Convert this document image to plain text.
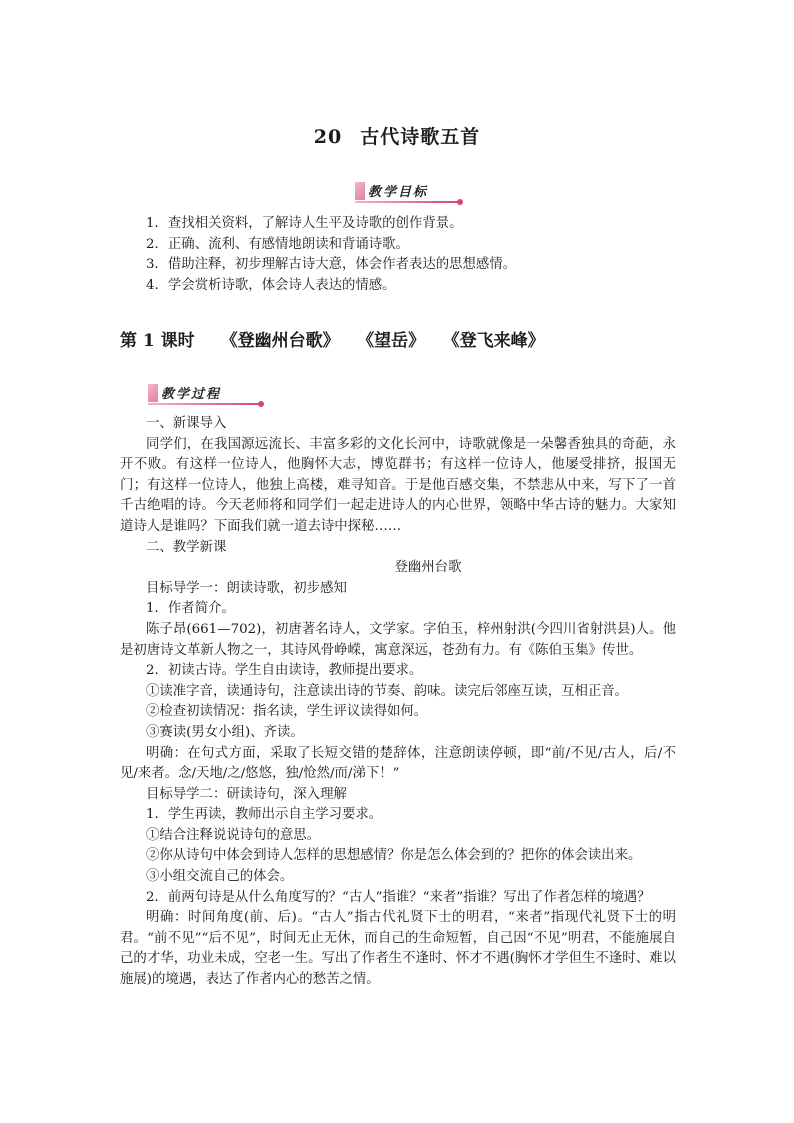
20 古代诗歌五首
教学目标

1．查找相关资料，了解诗人生平及诗歌的创作背景。

2．正确、流利、有感情地朗读和背诵诗歌。

3．借助注释，初步理解古诗大意，体会作者表达的思想感情。

4．学会赏析诗歌，体会诗人表达的情感。

第 1 课时 《登幽州台歌》 《望岳》 《登飞来峰》
教学过程

一、新课导入

同学们，在我国源远流长、丰富多彩的文化长河中，诗歌就像是一朵馨香独具的奇葩，永开不败。有这样一位诗人，他胸怀大志，博览群书；有这样一位诗人，他屡受排挤，报国无门；有这样一位诗人，他独上高楼，难寻知音。于是他百感交集，不禁悲从中来，写下了一首千古绝唱的诗。今天老师将和同学们一起走进诗人的内心世界，领略中华古诗的魅力。大家知道诗人是谁吗？下面我们就一道去诗中探秘……

二、教学新课

登幽州台歌

目标导学一：朗读诗歌，初步感知

1．作者简介。

陈子昂(661—702)，初唐著名诗人，文学家。字伯玉，梓州射洪(今四川省射洪县)人。他是初唐诗文革新人物之一，其诗风骨峥嵘，寓意深远，苍劲有力。有《陈伯玉集》传世。

2．初读古诗。学生自由读诗，教师提出要求。

①读准字音，读通诗句，注意读出诗的节奏、韵味。读完后邻座互读，互相正音。

②检查初读情况：指名读，学生评议读得如何。

③赛读(男女小组)、齐读。

明确：在句式方面，采取了长短交错的楚辞体，注意朗读停顿，即“前/不见/古人，后/不见/来者。念/天地/之/悠悠，独/怆然/而/涕下！”

目标导学二：研读诗句，深入理解

1．学生再读，教师出示自主学习要求。

①结合注释说说诗句的意思。

②你从诗句中体会到诗人怎样的思想感情？你是怎么体会到的？把你的体会读出来。

③小组交流自己的体会。

2．前两句诗是从什么角度写的？“古人”指谁？“来者”指谁？写出了作者怎样的境遇？

明确：时间角度(前、后)。“古人”指古代礼贤下士的明君，“来者”指现代礼贤下士的明君。“前不见”“后不见”，时间无止无休，而自己的生命短暂，自己因“不见”明君，不能施展自己的才华，功业未成，空老一生。写出了作者生不逢时、怀才不遇(胸怀才学但生不逢时、难以施展)的境遇，表达了作者内心的愁苦之情。
